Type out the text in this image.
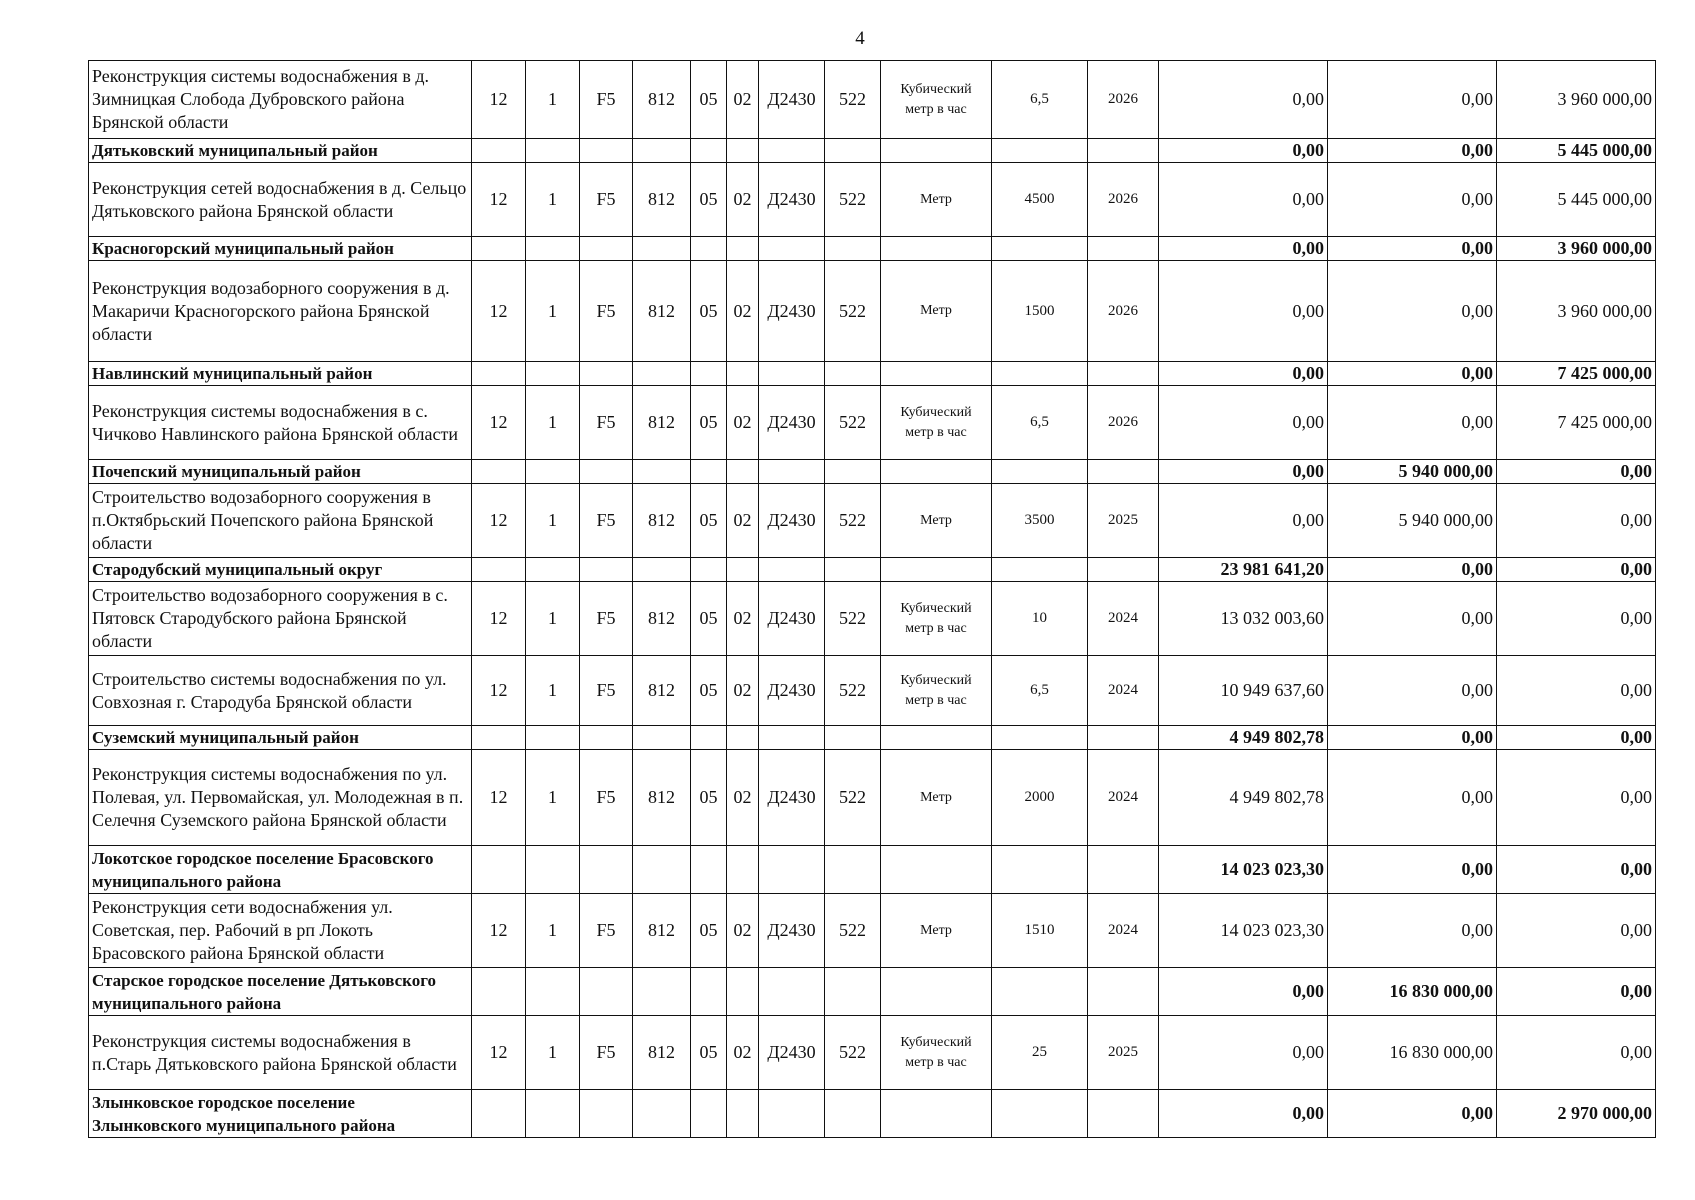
4
Реконструкция системы водоснабжения в д. Зимницкая Слобода Дубровского района Брянской области	12	1	F5	812	05	02	Д2430	522	Кубический метр в час	6,5	2026	0,00	0,00	3 960 000,00
Дятьковский муниципальный район												0,00	0,00	5 445 000,00
Реконструкция сетей водоснабжения в д. Сельцо Дятьковского района Брянской области	12	1	F5	812	05	02	Д2430	522	Метр	4500	2026	0,00	0,00	5 445 000,00
Красногорский муниципальный район												0,00	0,00	3 960 000,00
Реконструкция водозаборного сооружения в д. Макаричи Красногорского района Брянской области	12	1	F5	812	05	02	Д2430	522	Метр	1500	2026	0,00	0,00	3 960 000,00
Навлинский муниципальный район												0,00	0,00	7 425 000,00
Реконструкция системы водоснабжения в с. Чичково Навлинского района Брянской области	12	1	F5	812	05	02	Д2430	522	Кубический метр в час	6,5	2026	0,00	0,00	7 425 000,00
Почепский муниципальный район												0,00	5 940 000,00	0,00
Строительство водозаборного сооружения в п.Октябрьский Почепского района Брянской области	12	1	F5	812	05	02	Д2430	522	Метр	3500	2025	0,00	5 940 000,00	0,00
Стародубский муниципальный округ												23 981 641,20	0,00	0,00
Строительство водозаборного сооружения в с. Пятовск Стародубского района Брянской области	12	1	F5	812	05	02	Д2430	522	Кубический метр в час	10	2024	13 032 003,60	0,00	0,00
Строительство системы водоснабжения по ул. Совхозная г. Стародуба Брянской области	12	1	F5	812	05	02	Д2430	522	Кубический метр в час	6,5	2024	10 949 637,60	0,00	0,00
Суземский муниципальный район												4 949 802,78	0,00	0,00
Реконструкция системы водоснабжения по ул. Полевая, ул. Первомайская, ул. Молодежная в п. Селечня Суземского района Брянской области	12	1	F5	812	05	02	Д2430	522	Метр	2000	2024	4 949 802,78	0,00	0,00
Локотское городское поселение Брасовского муниципального района												14 023 023,30	0,00	0,00
Реконструкция сети водоснабжения ул. Советская, пер. Рабочий в рп Локоть Брасовского района Брянской области	12	1	F5	812	05	02	Д2430	522	Метр	1510	2024	14 023 023,30	0,00	0,00
Старское городское поселение Дятьковского муниципального района												0,00	16 830 000,00	0,00
Реконструкция системы водоснабжения в п.Старь Дятьковского района Брянской области	12	1	F5	812	05	02	Д2430	522	Кубический метр в час	25	2025	0,00	16 830 000,00	0,00
Злынковское городское поселение Злынковского муниципального района												0,00	0,00	2 970 000,00
